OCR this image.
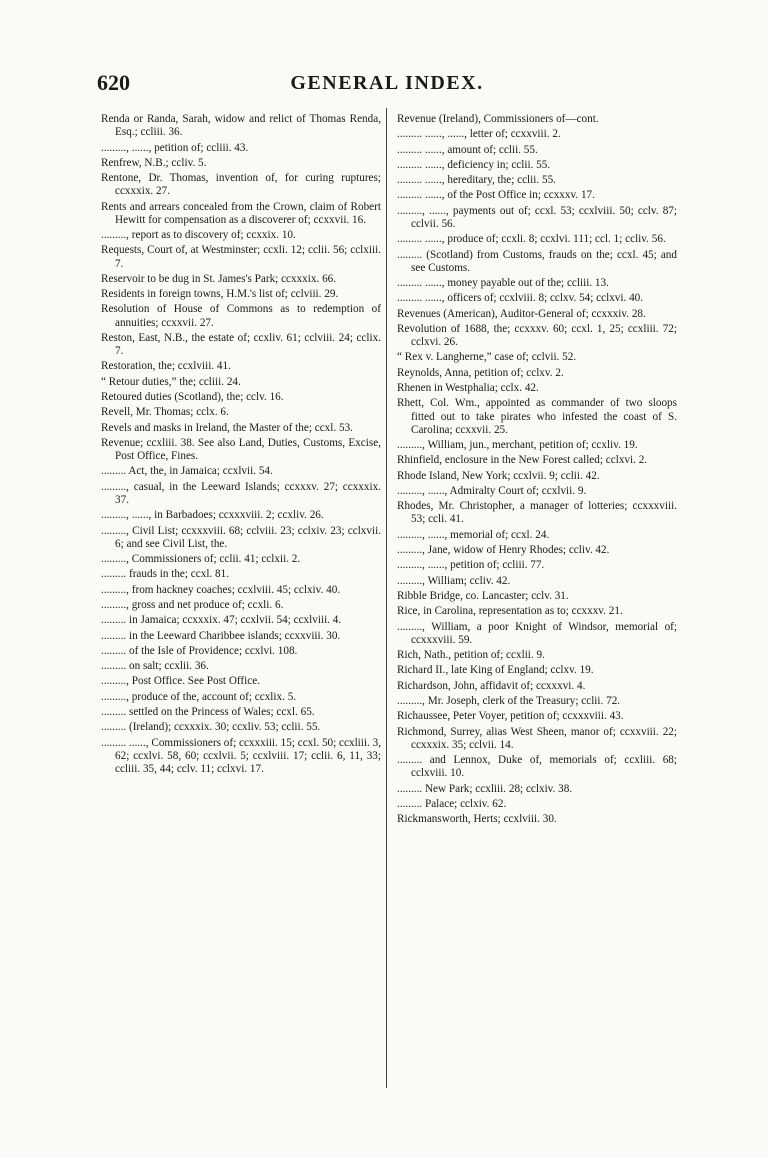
620	GENERAL INDEX.

Renda or Randa, Sarah, widow and relict of Thomas Renda, Esq.; ccliii. 36.

........., ......, petition of; ccliii. 43.

Renfrew, N.B.; ccliv. 5.

Rentone, Dr. Thomas, invention of, for curing ruptures; ccxxxix. 27.

Rents and arrears concealed from the Crown, claim of Robert Hewitt for compensation as a discoverer of; ccxxvii. 16.

........., report as to discovery of; ccxxix. 10.

Requests, Court of, at Westminster; ccxli. 12; cclii. 56; cclxiii. 7.

Reservoir to be dug in St. James's Park; ccxxxix. 66.

Residents in foreign towns, H.M.'s list of; cclviii. 29.

Resolution of House of Commons as to redemption of annuities; ccxxvii. 27.

Reston, East, N.B., the estate of; ccxliv. 61; cclviii. 24; cclix. 7.

Restoration, the; ccxlviii. 41.

“ Retour duties,” the; ccliii. 24.

Retoured duties (Scotland), the; cclv. 16.

Revell, Mr. Thomas; cclx. 6.

Revels and masks in Ireland, the Master of the; ccxl. 53.

Revenue; ccxliii. 38. See also Land, Duties, Customs, Excise, Post Office, Fines.

......... Act, the, in Jamaica; ccxlvii. 54.

........., casual, in the Leeward Islands; ccxxxv. 27; ccxxxix. 37.

........., ......, in Barbadoes; ccxxxviii. 2; ccxliv. 26.

........., Civil List; ccxxxviii. 68; cclviii. 23; cclxiv. 23; cclxvii. 6; and see Civil List, the.

........., Commissioners of; cclii. 41; cclxii. 2.

......... frauds in the; ccxl. 81.

........., from hackney coaches; ccxlviii. 45; cclxiv. 40.

........., gross and net produce of; ccxli. 6.

......... in Jamaica; ccxxxix. 47; ccxlvii. 54; ccxlviii. 4.

......... in the Leeward Charibbee islands; ccxxviii. 30.

......... of the Isle of Providence; ccxlvi. 108.

......... on salt; ccxlii. 36.

........., Post Office. See Post Office.

........., produce of the, account of; ccxlix. 5.

......... settled on the Princess of Wales; ccxl. 65.

......... (Ireland); ccxxxix. 30; ccxliv. 53; cclii. 55.

......... ......, Commissioners of; ccxxxiii. 15; ccxl. 50; ccxliii. 3, 62; ccxlvi. 58, 60; ccxlvii. 5; ccxlviii. 17; cclii. 6, 11, 33; ccliii. 35, 44; cclv. 11; cclxvi. 17.

Revenue (Ireland), Commissioners of—cont.

......... ......, ......, letter of; ccxxviii. 2.

......... ......, amount of; cclii. 55.

......... ......, deficiency in; cclii. 55.

......... ......, hereditary, the; cclii. 55.

......... ......, of the Post Office in; ccxxxv. 17.

........., ......, payments out of; ccxl. 53; ccxlviii. 50; cclv. 87; cclvii. 56.

......... ......, produce of; ccxli. 8; ccxlvi. 111; ccl. 1; ccliv. 56.

......... (Scotland) from Customs, frauds on the; ccxl. 45; and see Customs.

......... ......, money payable out of the; ccliii. 13.

......... ......, officers of; ccxlviii. 8; cclxv. 54; cclxvi. 40.

Revenues (American), Auditor-General of; ccxxxiv. 28.

Revolution of 1688, the; ccxxxv. 60; ccxl. 1, 25; ccxliii. 72; cclxvi. 26.

“ Rex v. Langherne,” case of; cclvii. 52.

Reynolds, Anna, petition of; cclxv. 2.

Rhenen in Westphalia; cclx. 42.

Rhett, Col. Wm., appointed as commander of two sloops fitted out to take pirates who infested the coast of S. Carolina; ccxxvii. 25.

........., William, jun., merchant, petition of; ccxliv. 19.

Rhinfield, enclosure in the New Forest called; cclxvi. 2.

Rhode Island, New York; ccxlvii. 9; cclii. 42.

........., ......, Admiralty Court of; ccxlvii. 9.

Rhodes, Mr. Christopher, a manager of lotteries; ccxxxviii. 53; ccli. 41.

........., ......, memorial of; ccxl. 24.

........., Jane, widow of Henry Rhodes; ccliv. 42.

........., ......, petition of; ccliii. 77.

........., William; ccliv. 42.

Ribble Bridge, co. Lancaster; cclv. 31.

Rice, in Carolina, representation as to; ccxxxv. 21.

........., William, a poor Knight of Windsor, memorial of; ccxxxviii. 59.

Rich, Nath., petition of; ccxlii. 9.

Richard II., late King of England; cclxv. 19.

Richardson, John, affidavit of; ccxxxvi. 4.

........., Mr. Joseph, clerk of the Treasury; cclii. 72.

Richaussee, Peter Voyer, petition of; ccxxxviii. 43.

Richmond, Surrey, alias West Sheen, manor of; ccxxviii. 22; ccxxxix. 35; cclvii. 14.

......... and Lennox, Duke of, memorials of; ccxliii. 68; cclxviii. 10.

......... New Park; ccxliii. 28; cclxiv. 38.

......... Palace; cclxiv. 62.

Rickmansworth, Herts; ccxlviii. 30.
